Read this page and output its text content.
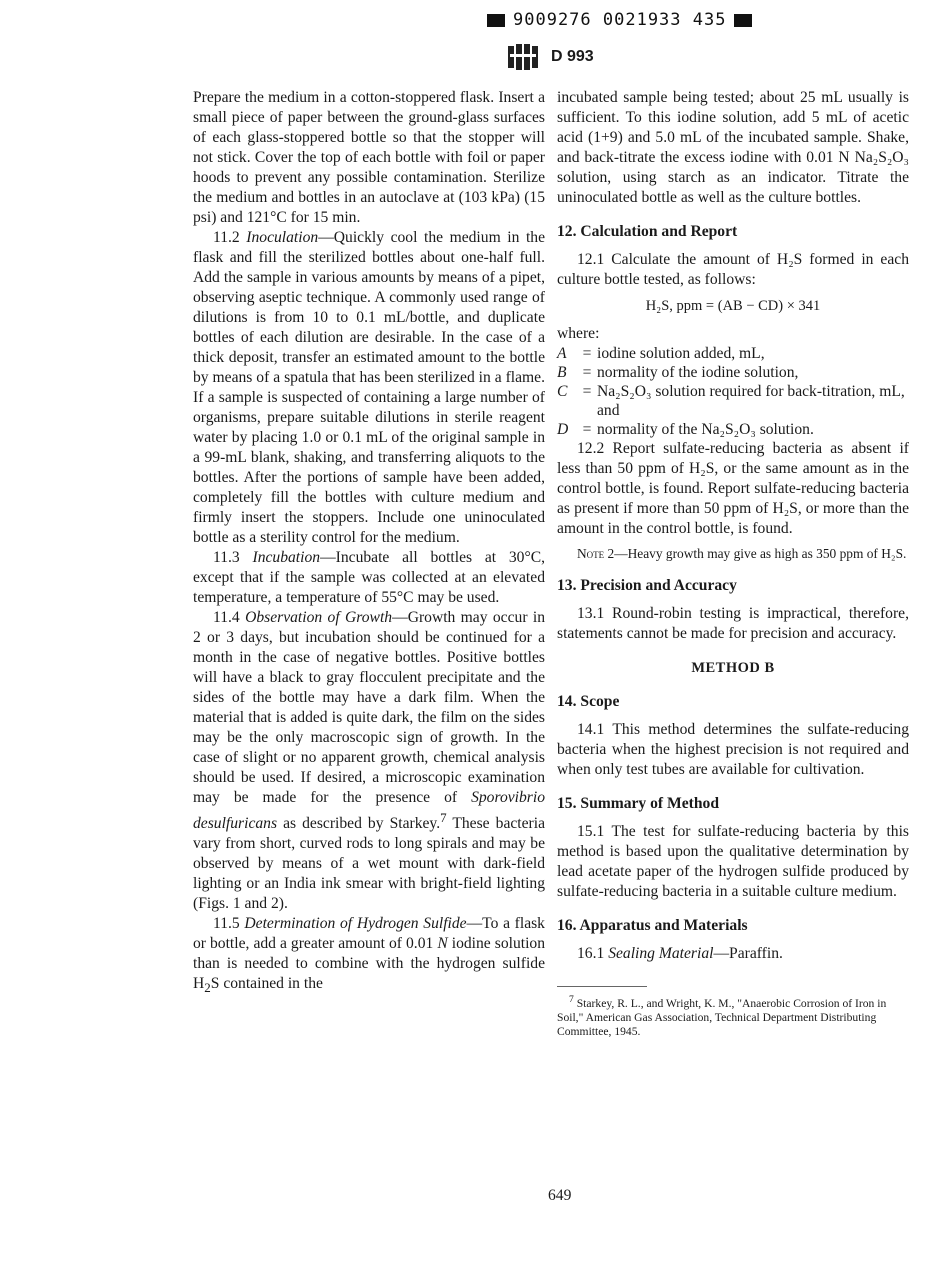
9009276 0021933 435
D 993

Prepare the medium in a cotton-stoppered flask. Insert a small piece of paper between the ground-glass surfaces of each glass-stoppered bottle so that the stopper will not stick. Cover the top of each bottle with foil or paper hoods to prevent any possible contamination. Sterilize the medium and bottles in an autoclave at (103 kPa) (15 psi) and 121°C for 15 min.

11.2 Inoculation—Quickly cool the medium in the flask and fill the sterilized bottles about one-half full. Add the sample in various amounts by means of a pipet, observing aseptic technique. A commonly used range of dilutions is from 10 to 0.1 mL/bottle, and duplicate bottles of each dilution are desirable. In the case of a thick deposit, transfer an estimated amount to the bottle by means of a spatula that has been sterilized in a flame. If a sample is suspected of containing a large number of organisms, prepare suitable dilutions in sterile reagent water by placing 1.0 or 0.1 mL of the original sample in a 99-mL blank, shaking, and transferring aliquots to the bottles. After the portions of sample have been added, completely fill the bottles with culture medium and firmly insert the stoppers. Include one uninoculated bottle as a sterility control for the medium.

11.3 Incubation—Incubate all bottles at 30°C, except that if the sample was collected at an elevated temperature, a temperature of 55°C may be used.

11.4 Observation of Growth—Growth may occur in 2 or 3 days, but incubation should be continued for a month in the case of negative bottles. Positive bottles will have a black to gray flocculent precipitate and the sides of the bottle may have a dark film. When the material that is added is quite dark, the film on the sides may be the only macroscopic sign of growth. In the case of slight or no apparent growth, chemical analysis should be used. If desired, a microscopic examination may be made for the presence of Sporovibrio desulfuricans as described by Starkey.$^7$ These bacteria vary from short, curved rods to long spirals and may be observed by means of a wet mount with dark-field lighting or an India ink smear with bright-field lighting (Figs. 1 and 2).

11.5 Determination of Hydrogen Sulfide—To a flask or bottle, add a greater amount of 0.01 N iodine solution than is needed to combine with the hydrogen sulfide $H_2S$ contained in the

incubated sample being tested; about 25 mL usually is sufficient. To this iodine solution, add 5 mL of acetic acid (1+9) and 5.0 mL of the incubated sample. Shake, and back-titrate the excess iodine with 0.01 N Na₂S₂O₃ solution, using starch as an indicator. Titrate the uninoculated bottle as well as the culture bottles.

12. Calculation and Report

12.1 Calculate the amount of H₂S formed in each culture bottle tested, as follows:

H₂S, ppm = (AB − CD) × 341
where:
A	= iodine solution added, mL,
B	= normality of the iodine solution,
C = Na₂S₂O₃ solution required for back-titration, mL, and
D = normality of the Na₂S₂O₃ solution.

12.2 Report sulfate-reducing bacteria as absent if less than 50 ppm of H₂S, or the same amount as in the control bottle, is found. Report sulfate-reducing bacteria as present if more than 50 ppm of H₂S, or more than the amount in the control bottle, is found.

Note 2—Heavy growth may give as high as 350 ppm of H₂S.

13. Precision and Accuracy

13.1 Round-robin testing is impractical, therefore, statements cannot be made for precision and accuracy.

METHOD B
14. Scope

14.1 This method determines the sulfate-reducing bacteria when the highest precision is not required and when only test tubes are available for cultivation.

15. Summary of Method

15.1 The test for sulfate-reducing bacteria by this method is based upon the qualitative determination by lead acetate paper of the hydrogen sulfide produced by sulfate-reducing bacteria in a suitable culture medium.

16. Apparatus and Materials

16.1 Sealing Material—Paraffin.

$^7$ Starkey, R. L., and Wright, K. M., "Anaerobic Corrosion of Iron in Soil," American Gas Association, Technical Department Distributing Committee, 1945.

649
